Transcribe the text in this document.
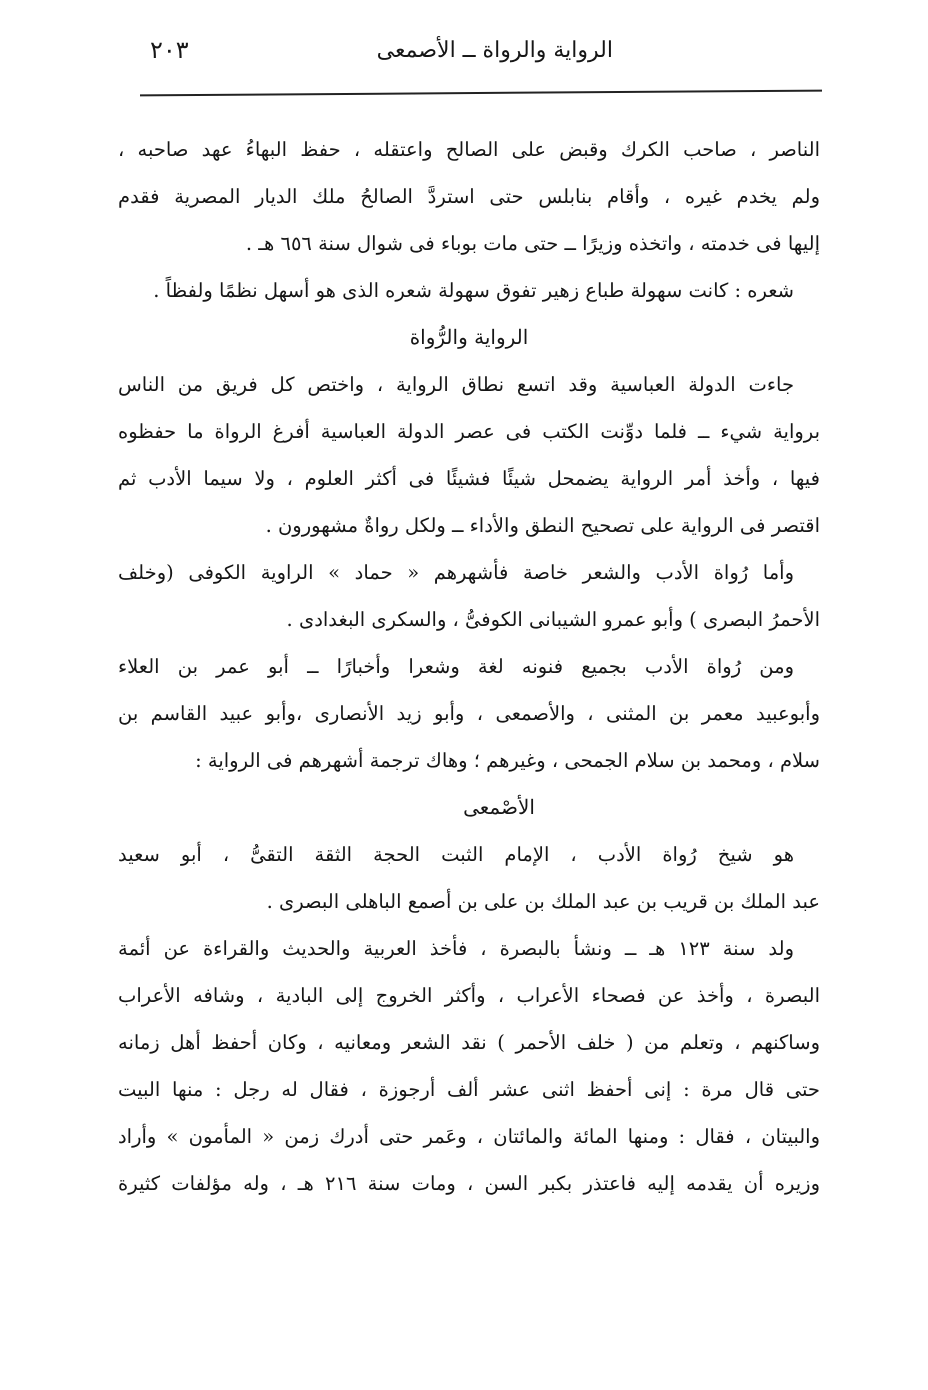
٢٠٣	الرواية والرواة ــ الأصمعى
الناصر ، صاحب الكرك وقبض على الصالح واعتقله ، حفظ البهاءُ عهد صاحبه ،
ولم يخدم غيره ، وأقام بنابلس حتى استردَّ الصالحُ ملك الديار المصرية فقدم
إليها فى خدمته ، واتخذه وزيرًا ــ حتى مات بوباء فى شوال سنة ٦٥٦ هـ .
شعره : كانت سهولة طباع زهير تفوق سهولة شعره الذى هو أسهل نظمًا ولفظاً .
الرواية والرُّواة
جاءت الدولة العباسية وقد اتسع نطاق الرواية ، واختص كل فريق من الناس
برواية شيء ــ فلما دوِّنت الكتب فى عصر الدولة العباسية أفرغ الرواة ما حفظوه
فيها ، وأخذ أمر الرواية يضمحل شيئًا فشيئًا فى أكثر العلوم ، ولا سيما الأدب ثم
اقتصر فى الرواية على تصحيح النطق والأداء ــ ولكل رواةٌ مشهورون .
وأما رُواة الأدب والشعر خاصة فأشهرهم « حماد » الراوية الكوفى (وخلف
الأحمرُ البصرى ) وأبو عمرو الشيبانى الكوفىُّ ، والسكرى البغدادى .
ومن رُواة الأدب بجميع فنونه لغة وشعرا وأخبارًا ــ أبو عمر بن العلاء
وأبوعبيد معمر بن المثنى ، والأصمعى ، وأبو زيد الأنصارى ،وأبو عبيد القاسم بن
سلام ، ومحمد بن سلام الجمحى ، وغيرهم ؛ وهاك ترجمة أشهرهم فى الرواية :
الأصْمعى
هو شيخ رُواة الأدب ، الإمام الثبت الحجة الثقة التقىُّ ، أبو سعيد
عبد الملك بن قريب بن عبد الملك بن على بن أصمع الباهلى البصرى .
ولد سنة ١٢٣ هـ ــ ونشأ بالبصرة ، فأخذ العربية والحديث والقراءة عن أئمة
البصرة ، وأخذ عن فصحاء الأعراب ، وأكثر الخروج إلى البادية ، وشافه الأعراب
وساكنهم ، وتعلم من ( خلف الأحمر ) نقد الشعر ومعانيه ، وكان أحفظ أهل زمانه
حتى قال مرة : إنى أحفظ اثنى عشر ألف أرجوزة ، فقال له رجل : منها البيت
والبيتان ، فقال : ومنها المائة والمائتان ، وعَمر حتى أدرك زمن « المأمون » وأراد
وزيره أن يقدمه إليه فاعتذر بكبر السن ، ومات سنة ٢١٦ هـ ، وله مؤلفات كثيرة
